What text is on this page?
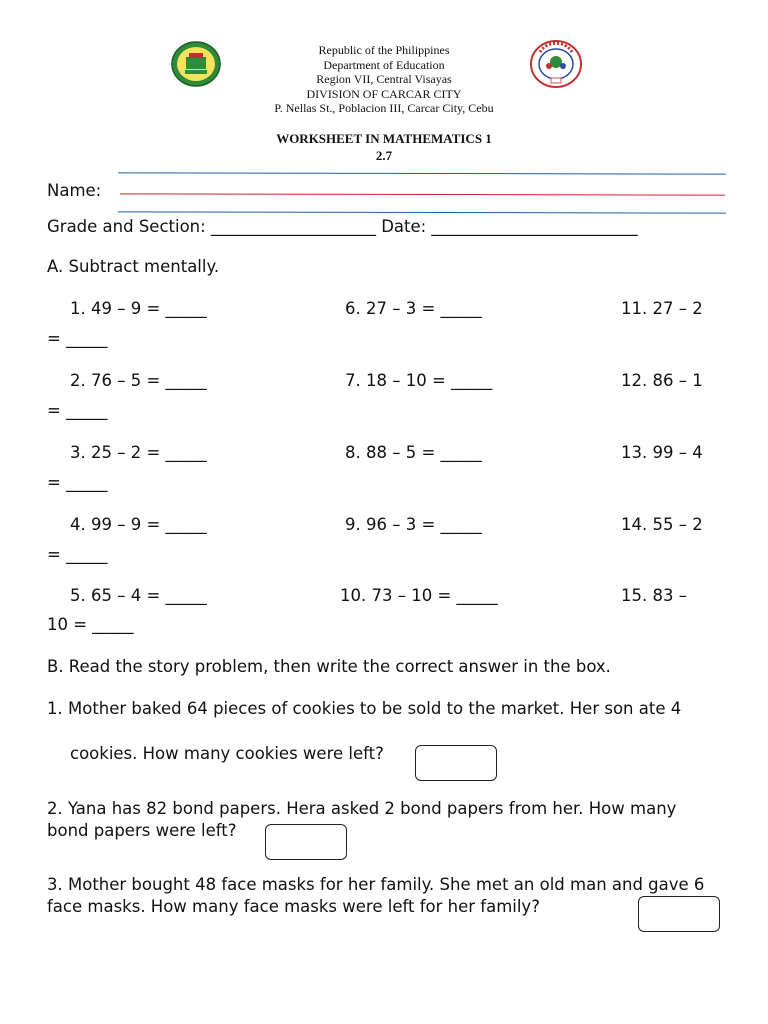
Republic of the Philippines
Department of Education
Region VII, Central Visayas
DIVISION OF CARCAR CITY
P. Nellas St., Poblacion III, Carcar City, Cebu
WORKSHEET IN MATHEMATICS 1
2.7
Name:
Grade and Section: ____________________ Date: _________________________
A. Subtract mentally.
1. 49 – 9 = _____	6. 27 – 3 = _____	11. 27 – 2
= _____
2. 76 – 5 = _____	7. 18 – 10 = _____	12. 86 – 1
= _____
3. 25 – 2 = _____	8. 88 – 5 = _____	13. 99 – 4
= _____
4. 99 – 9 = _____	9. 96 – 3 = _____	14. 55 – 2
= _____
5. 65 – 4 = _____	10. 73 – 10 = _____	15. 83 –
10 = _____
B. Read the story problem, then write the correct answer in the box.
1. Mother baked 64 pieces of cookies to be sold to the market. Her son ate 4
cookies. How many cookies were left?
2. Yana has 82 bond papers. Hera asked 2 bond papers from her. How many bond papers were left?
3. Mother bought 48 face masks for her family. She met an old man and gave 6 face masks. How many face masks were left for her family?
